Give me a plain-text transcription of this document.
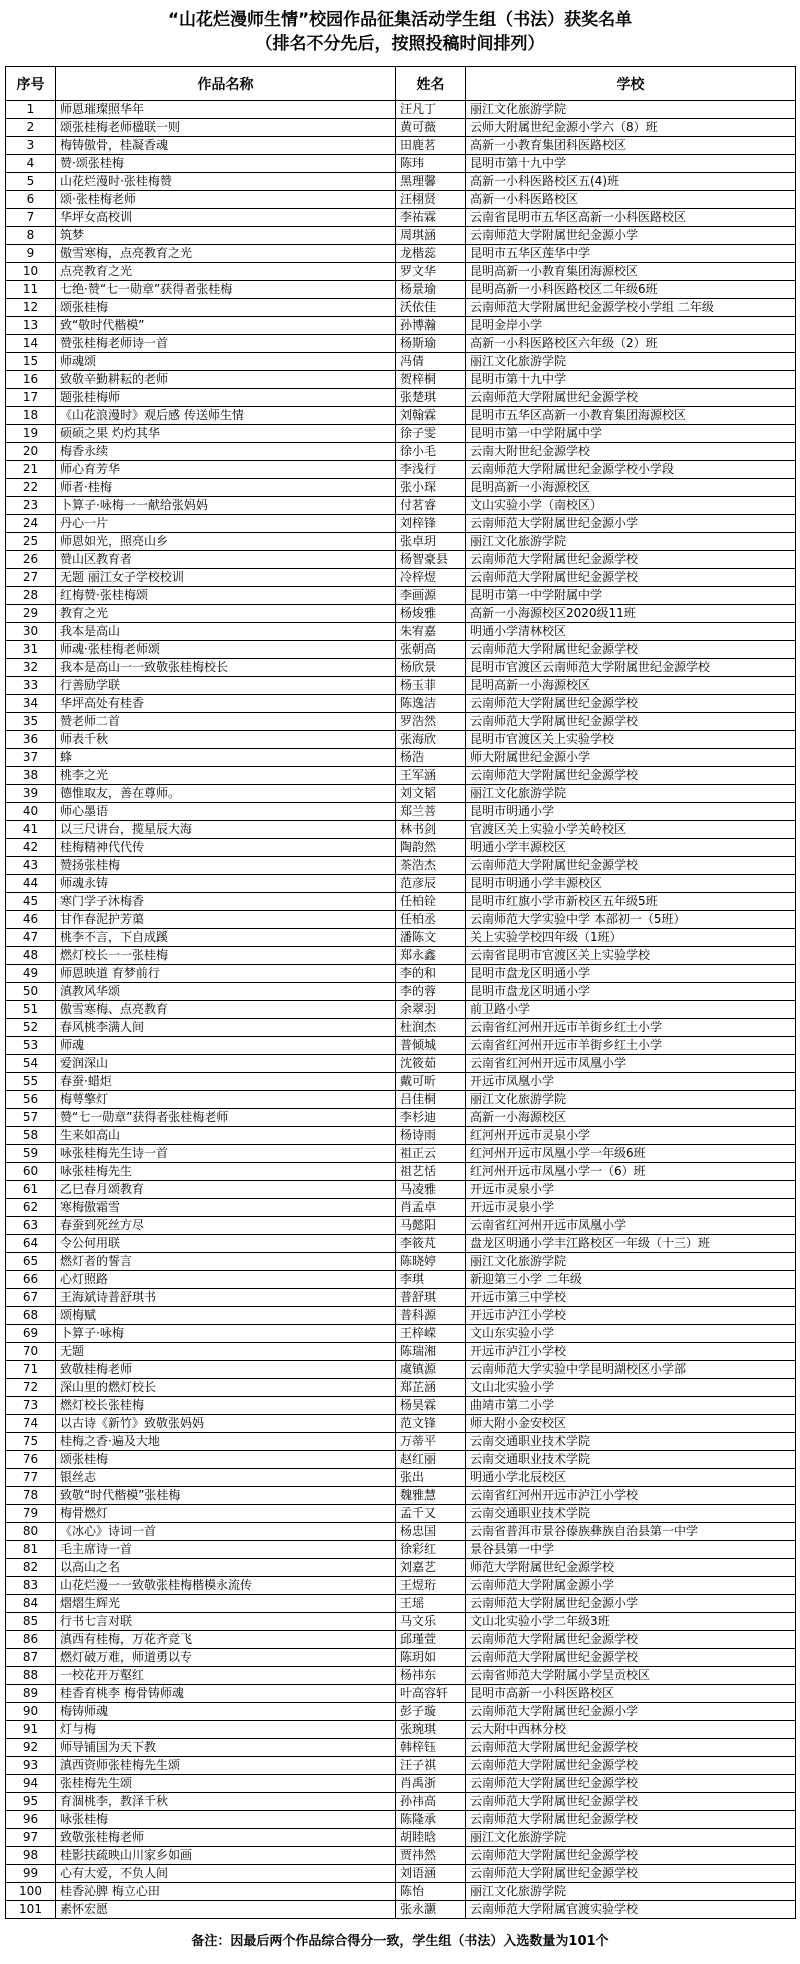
“山花烂漫师生情”校园作品征集活动学生组（书法）获奖名单
（排名不分先后，按照投稿时间排列）
序号	作品名称	姓名	学校
1	师恩璀璨照华年	汪凡丁	丽江文化旅游学院
2	颂张桂梅老师楹联一则	黄可薇	云师大附属世纪金源小学六（8）班
3	梅铸傲骨，桂凝香魂	田鹿茗	高新一小教育集团科医路校区
4	赞·颂张桂梅	陈玮	昆明市第十九中学
5	山花烂漫时·张桂梅赞	黑理馨	高新一小科医路校区五(4)班
6	颂·张桂梅老师	汪栩贤	高新一小科医路校区
7	华坪女高校训	李祐霖	云南省昆明市五华区高新一小科医路校区
8	筑梦	周琪涵	云南师范大学附属世纪金源小学
9	傲雪寒梅，点亮教育之光	龙楷蕊	昆明市五华区莲华中学
10	点亮教育之光	罗文华	昆明高新一小教育集团海源校区
11	七绝·赞“七一勋章”获得者张桂梅	杨景瑜	昆明高新一小科医路校区二年级6班
12	颂张桂梅	沃依佳	云南师范大学附属世纪金源学校小学组 二年级
13	致“敬时代楷模”	孙博瀚	昆明金岸小学
14	赞张桂梅老师诗一首	杨斯瑜	高新一小科医路校区六年级（2）班
15	师魂颂	冯倩	丽江文化旅游学院
16	致敬辛勤耕耘的老师	贺梓桐	昆明市第十九中学
17	题张桂梅师	张楚琪	云南师范大学附属世纪金源学校
18	《山花浪漫时》观后感 传送师生情	刘翰霖	昆明市五华区高新一小教育集团海源校区
19	硕硕之果 灼灼其华	徐子雯	昆明市第一中学附属中学
20	梅香永续	徐小毛	云南大附世纪金源学校
21	师心育芳华	李浅行	云南师范大学附属世纪金源学校小学段
22	师者·桂梅	张小琛	昆明高新一小海源校区
23	卜算子·咏梅一一献给张妈妈	付茗睿	文山实验小学（南校区）
24	丹心一片	刘梓锋	云南师范大学附属世纪金源小学
25	师恩如光，照亮山乡	张卓玥	丽江文化旅游学院
26	赞山区教育者	杨智豪县	云南师范大学附属世纪金源学校
27	无题 丽江女子学校校训	冷梓煜	云南师范大学附属世纪金源学校
28	红梅赞·张桂梅颂	李画源	昆明市第一中学附属中学
29	教育之光	杨焌雅	高新一小海源校区2020级11班
30	我本是高山	朱宥嘉	明通小学清林校区
31	师魂·张桂梅老师颂	张朝高	云南师范大学附属世纪金源学校
32	我本是高山一一致敬张桂梅校长	杨欣景	昆明市官渡区云南师范大学附属世纪金源学校
33	行善励学联	杨玉菲	昆明高新一小海源校区
34	华坪高处有桂香	陈逸洁	云南师范大学附属世纪金源学校
35	赞老师二首	罗浩然	云南师范大学附属世纪金源学校
36	师表千秋	张海欣	昆明市官渡区关上实验学校
37	蜂	杨浩	师大附属世纪金源小学
38	桃李之光	王军涵	云南师范大学附属世纪金源学校
39	德惟取友，善在尊师。	刘文韬	丽江文化旅游学院
40	师心墨语	郑兰菩	昆明市明通小学
41	以三尺讲台，揽星辰大海	林书剑	官渡区关上实验小学关岭校区
42	桂梅精神代代传	陶韵然	明通小学丰源校区
43	赞扬张桂梅	茶浩杰	云南师范大学附属世纪金源学校
44	师魂永铸	范彦辰	昆明市明通小学丰源校区
45	寒门学子沐梅香	任柏铨	昆明市红旗小学市新校区五年级5班
46	甘作春泥护芳蕖	任柏丞	云南师范大学实验中学 本部初一（5班）
47	桃李不言，下自成蹊	潘陈文	关上实验学校四年级（1班）
48	燃灯校长一一张桂梅	郑永鑫	云南省昆明市官渡区关上实验学校
49	师恩映道 育梦前行	李的和	昆明市盘龙区明通小学
50	滇教风华颂	李的蓉	昆明市盘龙区明通小学
51	傲雪寒梅、点亮教育	余翠羽	前卫路小学
52	春风桃李满人间	杜润杰	云南省红河州开远市羊街乡红土小学
53	师魂	普倾城	云南省红河州开远市羊街乡红土小学
54	爱润深山	沈筱茹	云南省红河州开远市凤凰小学
55	春蚕·蜡炬	戴可昕	开远市凤凰小学
56	梅萼擎灯	吕佳桐	丽江文化旅游学院
57	赞“七一勋章”获得者张桂梅老师	李杉迪	高新一小海源校区
58	生来如高山	杨诗雨	红河州开远市灵泉小学
59	咏张桂梅先生诗一首	祖正云	红河州开远市凤凰小学一年级6班
60	咏张桂梅先生	祖艺恬	红河州开远市凤凰小学一（6）班
61	乙巳春月颂教育	马凌雅	开远市灵泉小学
62	寒梅傲霜雪	肖孟卓	开远市灵泉小学
63	春蚕到死丝方尽	马懿阳	云南省红河州开远市凤凰小学
64	令公何用联	李筱芃	盘龙区明通小学丰江路校区一年级（十三）班
65	燃灯者的誓言	陈晓婷	丽江文化旅游学院
66	心灯照路	李琪	新迎第三小学 二年级
67	王海斌诗普舒琪书	普舒琪	开远市第三中学校
68	颂梅赋	普科源	开远市泸江小学校
69	卜算子·咏梅	王梓嵘	文山东实验小学
70	无题	陈瑞湘	开远市泸江小学校
71	致敬桂梅老师	虞镇源	云南师范大学实验中学昆明湖校区小学部
72	深山里的燃灯校长	郑芷涵	文山北实验小学
73	燃灯校长张桂梅	杨昊霖	曲靖市第二小学
74	以古诗《新竹》致敬张妈妈	范文锋	师大附小金安校区
75	桂梅之香·遍及大地	万蒂平	云南交通职业技术学院
76	颂张桂梅	赵红丽	云南交通职业技术学院
77	银丝志	张出	明通小学北辰校区
78	致敬“时代楷模”张桂梅	魏雅慧	云南省红河州开远市泸江小学校
79	梅骨燃灯	孟千又	云南交通职业技术学院
80	《冰心》诗词一首	杨忠国	云南省普洱市景谷傣族彝族自治县第一中学
81	毛主席诗一首	徐彩红	景谷县第一中学
82	以高山之名	刘嘉艺	师范大学附属世纪金源学校
83	山花烂漫一一致敬张桂梅楷模永流传	王煜珩	云南师范大学附属金源小学
84	熠熠生辉光	王瑶	云南师范大学附属世纪金源小学
85	行书七言对联	马文乐	文山北实验小学二年级3班
86	滇西有桂梅，万花齐竞飞	邱瑾萱	云南师范大学附属世纪金源学校
87	燃灯破万难，师道勇以专	陈玥如	云南师范大学附属世纪金源学校
88	一校花开万壑红	杨祎东	云南省师范大学附属小学呈贡校区
89	桂香育桃李 梅骨铸师魂	叶高容轩	昆明市高新一小科医路校区
90	梅铸师魂	彭子璇	云南师范大学附属世纪金源小学
91	灯与梅	张琬琪	云大附中西林分校
92	师导铺国为天下教	韩梓钰	云南师范大学附属世纪金源学校
93	滇西资师张桂梅先生颂	汪子祺	云南师范大学附属世纪金源学校
94	张桂梅先生颂	肖禹浙	云南师范大学附属世纪金源学校
95	育涸桃李，教泽千秋	孙祎高	云南师范大学附属世纪金源学校
96	咏张桂梅	陈隆承	云南师范大学附属世纪金源学校
97	致敬张桂梅老师	胡睦晗	丽江文化旅游学院
98	桂影扶疏映山川家乡如画	贾祎然	云南师范大学附属世纪金源学校
99	心有大爱，不负人间	刘语涵	云南师范大学附属世纪金源学校
100	桂香沁脾 梅立心田	陈怡	丽江文化旅游学院
101	素怀宏愿	张永灏	云南师范大学附属官渡实验学校
备注：因最后两个作品综合得分一致，学生组（书法）入选数量为101个
